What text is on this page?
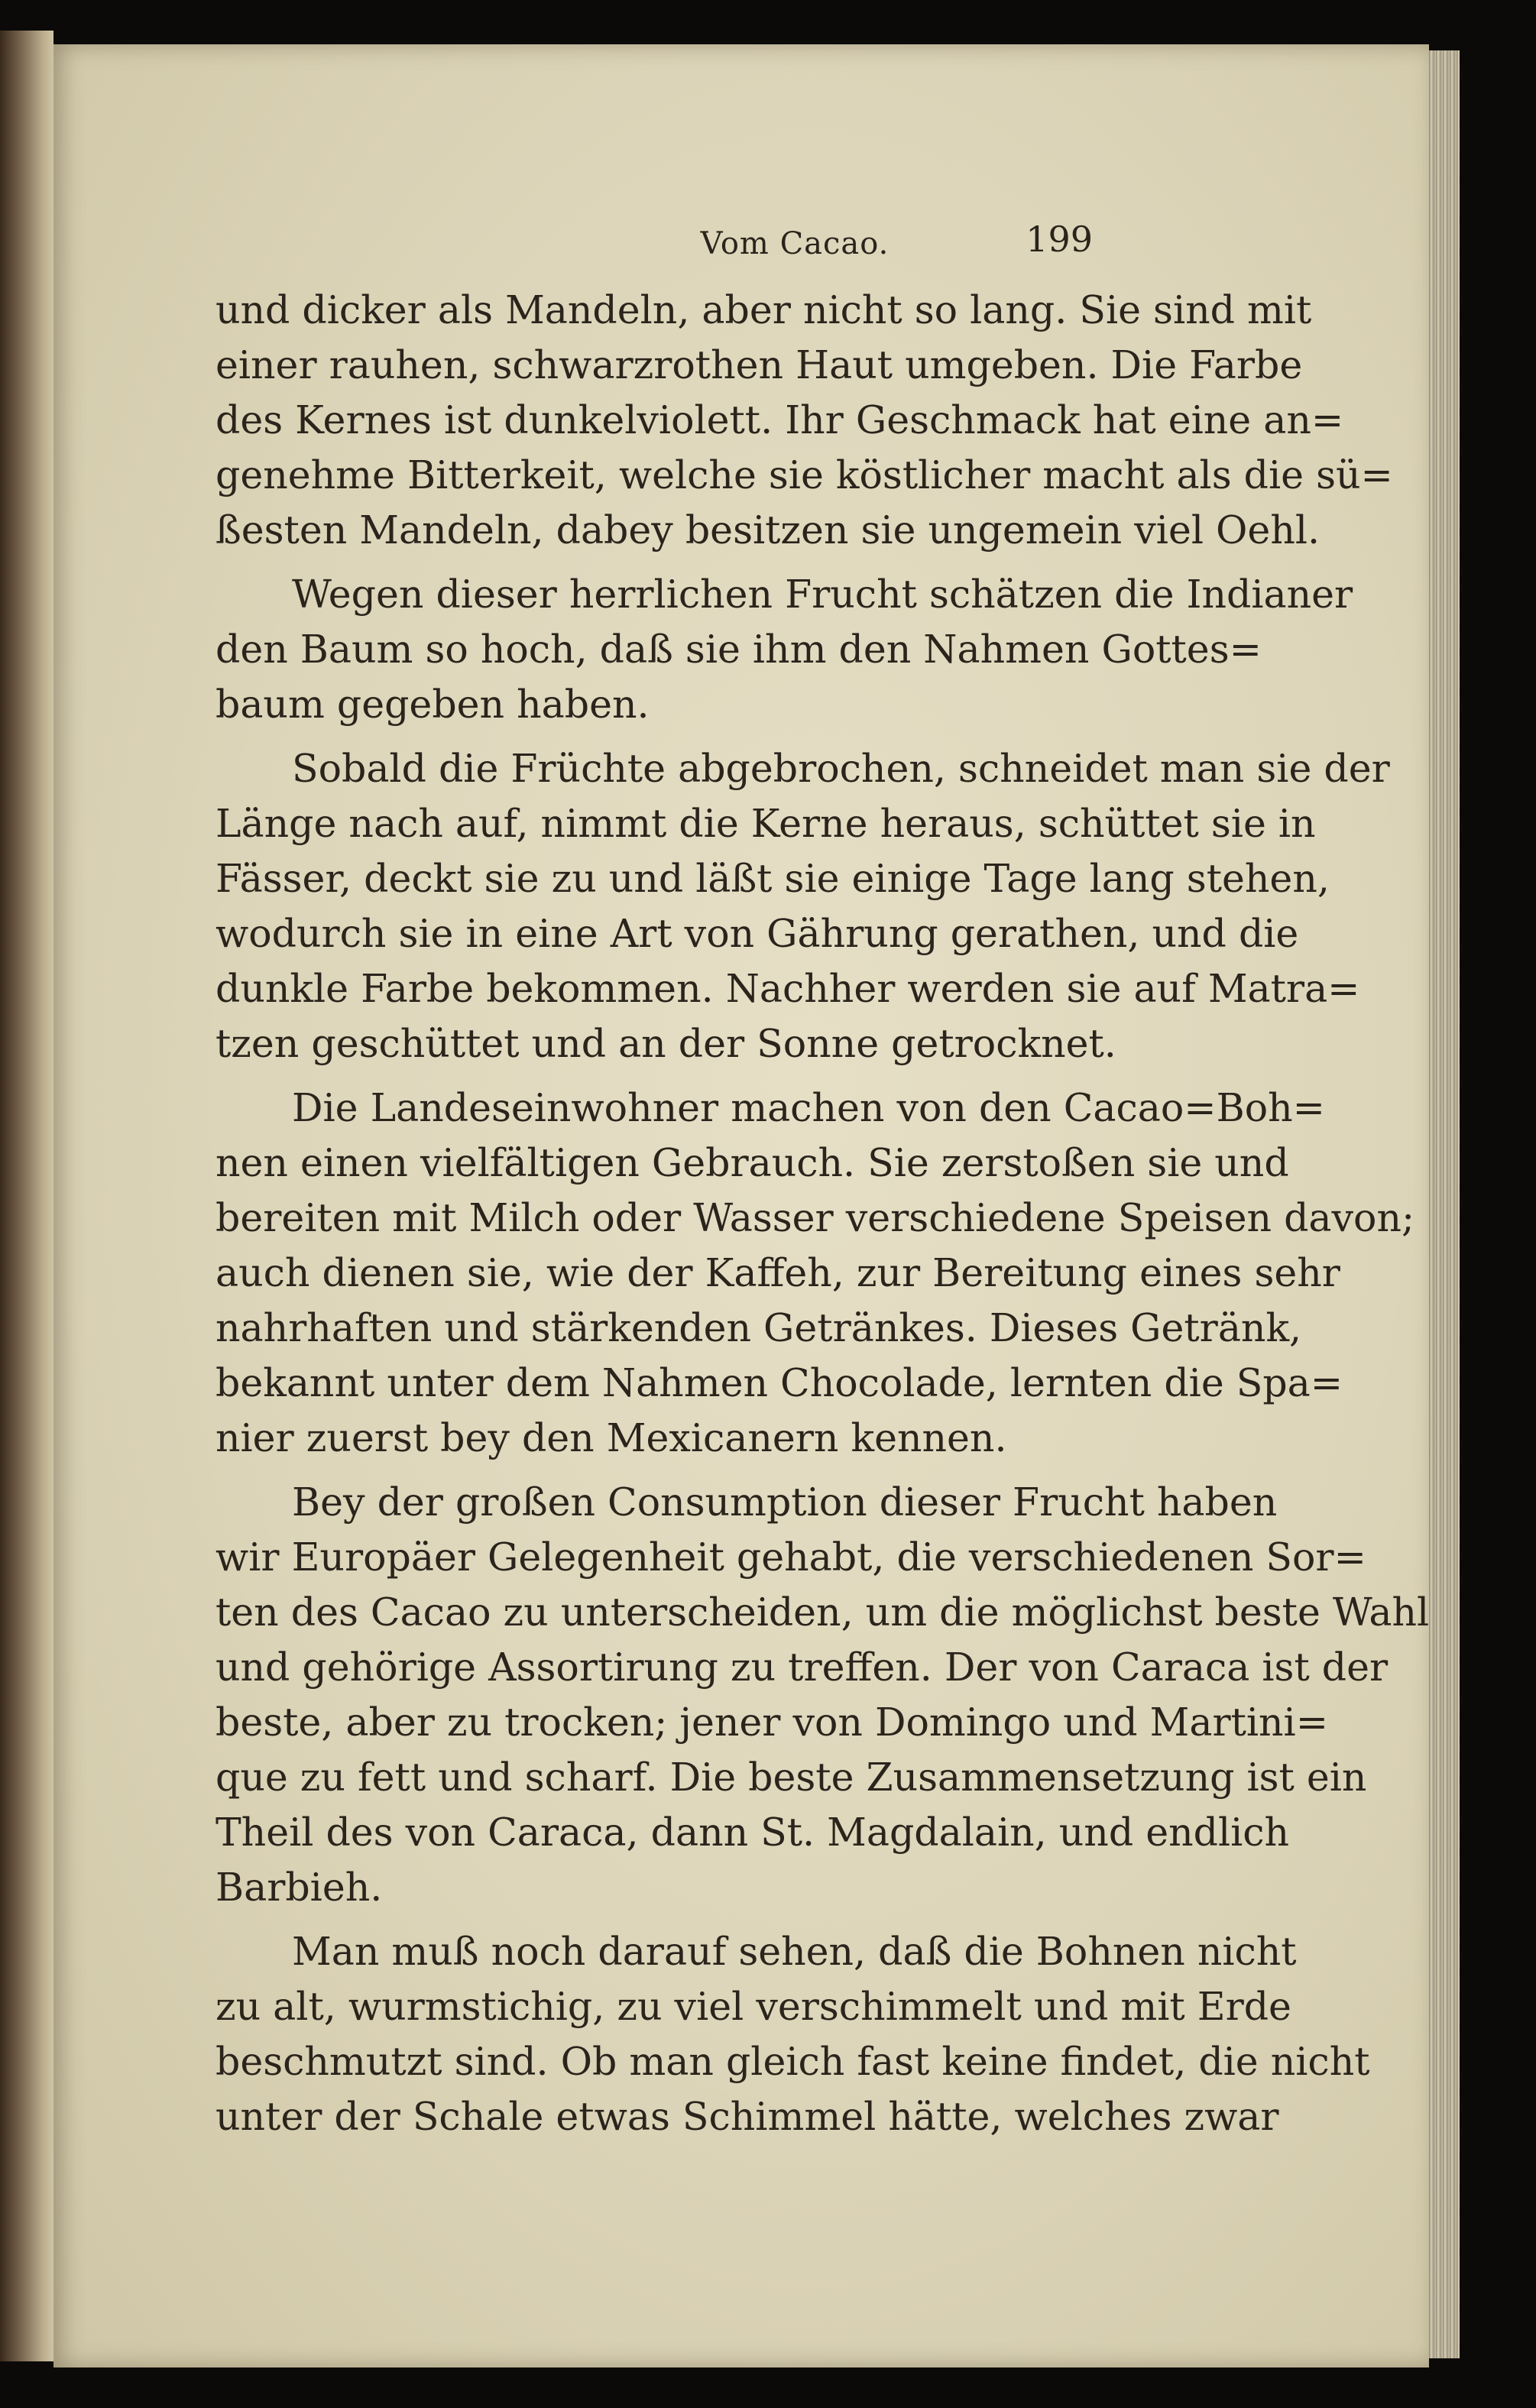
Vom Cacao.	199
und dicker als Mandeln, aber nicht so lang. Sie sind mit
einer rauhen, schwarzrothen Haut umgeben. Die Farbe
des Kernes ist dunkelviolett. Ihr Geschmack hat eine an=
genehme Bitterkeit, welche sie köstlicher macht als die sü=
ßesten Mandeln, dabey besitzen sie ungemein viel Oehl.
Wegen dieser herrlichen Frucht schätzen die Indianer
den Baum so hoch, daß sie ihm den Nahmen Gottes=
baum gegeben haben.
Sobald die Früchte abgebrochen, schneidet man sie der
Länge nach auf, nimmt die Kerne heraus, schüttet sie in
Fässer, deckt sie zu und läßt sie einige Tage lang stehen,
wodurch sie in eine Art von Gährung gerathen, und die
dunkle Farbe bekommen. Nachher werden sie auf Matra=
tzen geschüttet und an der Sonne getrocknet.
Die Landeseinwohner machen von den Cacao=Boh=
nen einen vielfältigen Gebrauch. Sie zerstoßen sie und
bereiten mit Milch oder Wasser verschiedene Speisen davon;
auch dienen sie, wie der Kaffeh, zur Bereitung eines sehr
nahrhaften und stärkenden Getränkes. Dieses Getränk,
bekannt unter dem Nahmen Chocolade, lernten die Spa=
nier zuerst bey den Mexicanern kennen.
Bey der großen Consumption dieser Frucht haben
wir Europäer Gelegenheit gehabt, die verschiedenen Sor=
ten des Cacao zu unterscheiden, um die möglichst beste Wahl
und gehörige Assortirung zu treffen. Der von Caraca ist der
beste, aber zu trocken; jener von Domingo und Martini=
que zu fett und scharf. Die beste Zusammensetzung ist ein
Theil des von Caraca, dann St. Magdalain, und endlich
Barbieh.
Man muß noch darauf sehen, daß die Bohnen nicht
zu alt, wurmstichig, zu viel verschimmelt und mit Erde
beschmutzt sind. Ob man gleich fast keine findet, die nicht
unter der Schale etwas Schimmel hätte, welches zwar
